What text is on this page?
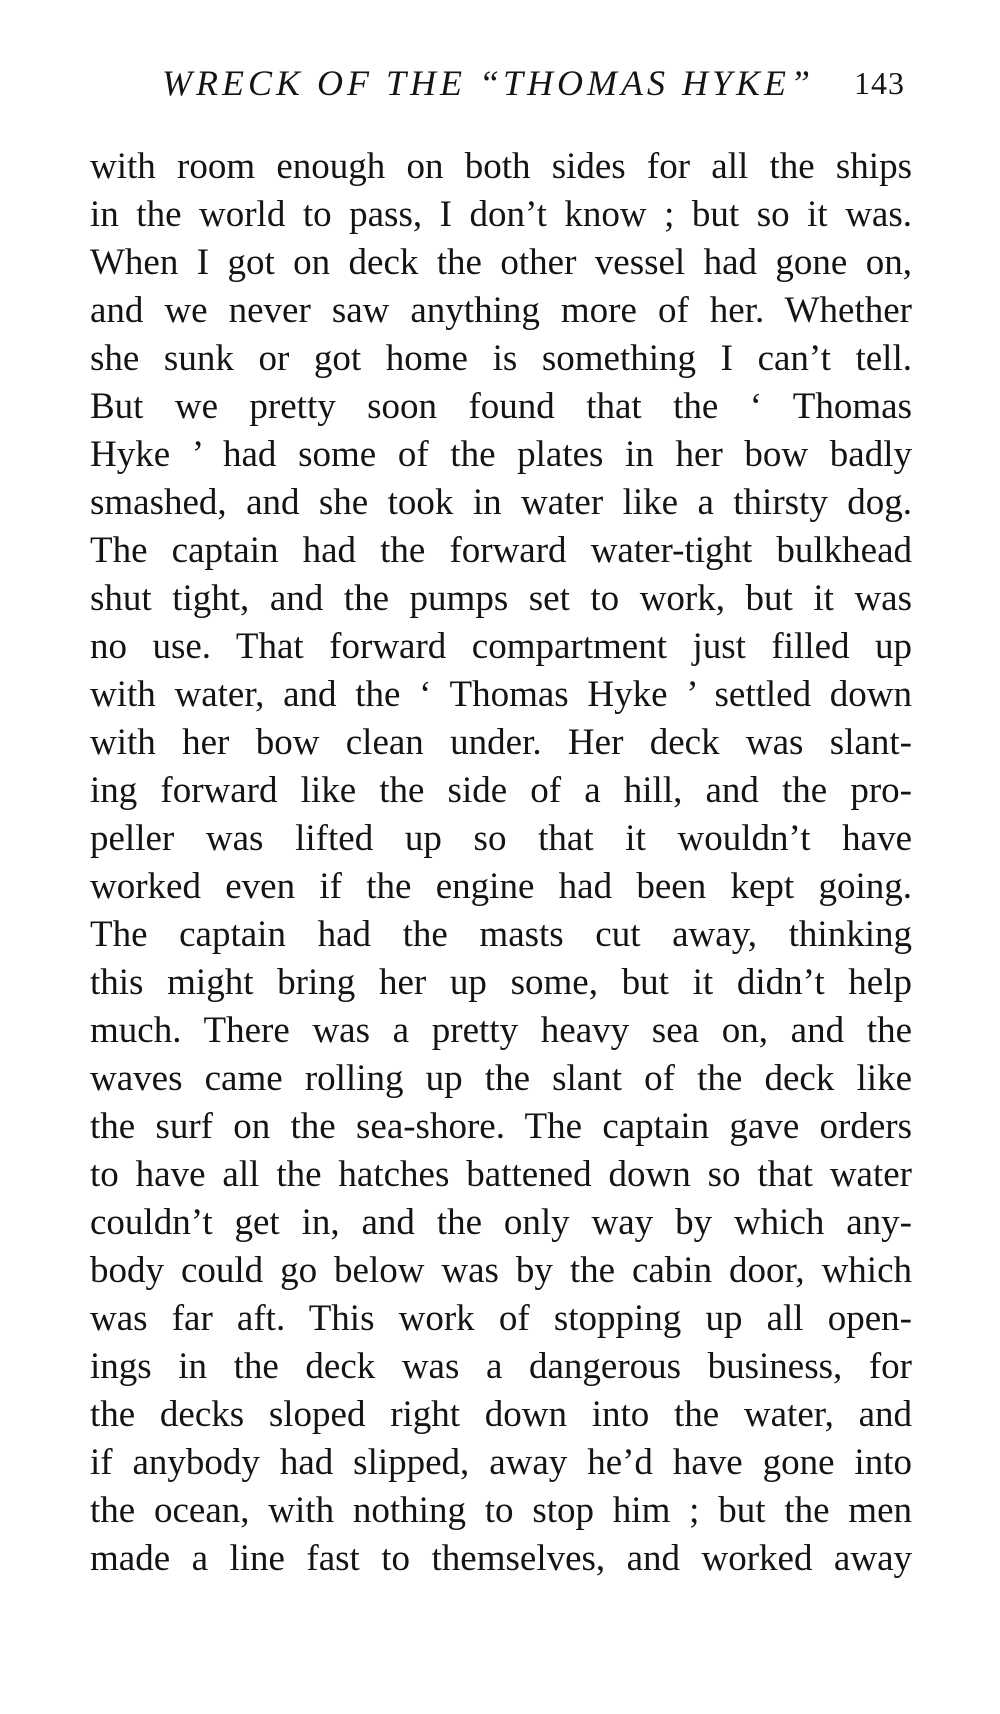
WRECK OF THE “THOMAS HYKE” 143
with room enough on both sides for all the ships
in the world to pass, I don’t know ; but so it was.
When I got on deck the other vessel had gone on,
and we never saw anything more of her. Whether
she sunk or got home is something I can’t tell.
But we pretty soon found that the ‘ Thomas
Hyke ’ had some of the plates in her bow badly
smashed, and she took in water like a thirsty dog.
The captain had the forward water-tight bulkhead
shut tight, and the pumps set to work, but it was
no use. That forward compartment just filled up
with water, and the ‘ Thomas Hyke ’ settled down
with her bow clean under. Her deck was slant-
ing forward like the side of a hill, and the pro-
peller was lifted up so that it wouldn’t have
worked even if the engine had been kept going.
The captain had the masts cut away, thinking
this might bring her up some, but it didn’t help
much. There was a pretty heavy sea on, and the
waves came rolling up the slant of the deck like
the surf on the sea-shore. The captain gave orders
to have all the hatches battened down so that water
couldn’t get in, and the only way by which any-
body could go below was by the cabin door, which
was far aft. This work of stopping up all open-
ings in the deck was a dangerous business, for
the decks sloped right down into the water, and
if anybody had slipped, away he’d have gone into
the ocean, with nothing to stop him ; but the men
made a line fast to themselves, and worked away
